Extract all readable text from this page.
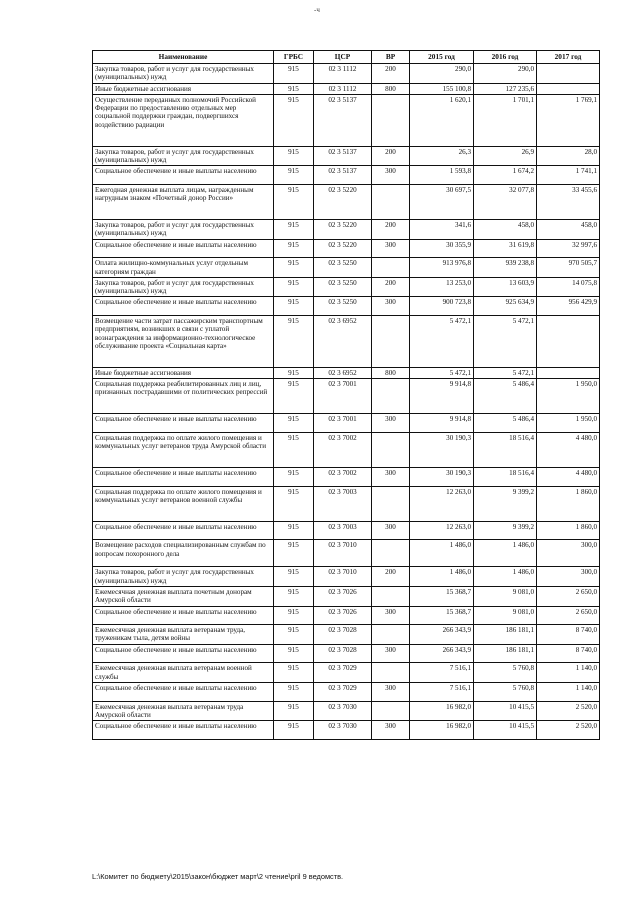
-ч
Наименование	ГРБС	ЦСР	ВР	2015 год	2016 год	2017 год
Закупка товаров, работ и услуг для государственных (муниципальных) нужд	915	02 3 1112	200	290,0	290,0	
Иные бюджетные ассигнования	915	02 3 1112	800	155 100,8	127 235,6	
Осуществление переданных полномочий Российской Федерации по предоставлению отдельных мер социальной поддержки граждан, подвергшихся воздействию радиации	915	02 3 5137		1 620,1	1 701,1	1 769,1
Закупка товаров, работ и услуг для государственных (муниципальных) нужд	915	02 3 5137	200	26,3	26,9	28,0
Социальное обеспечение и иные выплаты населению	915	02 3 5137	300	1 593,8	1 674,2	1 741,1
Ежегодная денежная выплата лицам, награжденным нагрудным знаком «Почетный донор России»	915	02 3 5220		30 697,5	32 077,8	33 455,6
Закупка товаров, работ и услуг для государственных (муниципальных) нужд	915	02 3 5220	200	341,6	458,0	458,0
Социальное обеспечение и иные выплаты населению	915	02 3 5220	300	30 355,9	31 619,8	32 997,6
Оплата жилищно-коммунальных услуг отдельным категориям граждан	915	02 3 5250		913 976,8	939 238,8	970 505,7
Закупка товаров, работ и услуг для государственных (муниципальных) нужд	915	02 3 5250	200	13 253,0	13 603,9	14 075,8
Социальное обеспечение и иные выплаты населению	915	02 3 5250	300	900 723,8	925 634,9	956 429,9
Возмещение части затрат пассажирским транспортным предприятиям, возникших в связи с уплатой вознаграждения за информационно-технологическое обслуживание проекта «Социальная карта»	915	02 3 6952		5 472,1	5 472,1	
Иные бюджетные ассигнования	915	02 3 6952	800	5 472,1	5 472,1	
Социальная поддержка реабилитированных лиц и лиц, признанных пострадавшими от политических репрессий	915	02 3 7001		9 914,8	5 486,4	1 950,0
Социальное обеспечение и иные выплаты населению	915	02 3 7001	300	9 914,8	5 486,4	1 950,0
Социальная поддержка по оплате жилого помещения и коммунальных услуг ветеранов труда Амурской области	915	02 3 7002		30 190,3	18 516,4	4 480,0
Социальное обеспечение и иные выплаты населению	915	02 3 7002	300	30 190,3	18 516,4	4 480,0
Социальная поддержка по оплате жилого помещения и коммунальных услуг ветеранов военной службы	915	02 3 7003		12 263,0	9 399,2	1 860,0
Социальное обеспечение и иные выплаты населению	915	02 3 7003	300	12 263,0	9 399,2	1 860,0
Возмещение расходов специализированным службам по вопросам похоронного дела	915	02 3 7010		1 486,0	1 486,0	300,0
Закупка товаров, работ и услуг для государственных (муниципальных) нужд	915	02 3 7010	200	1 486,0	1 486,0	300,0
Ежемесячная денежная выплата почетным донорам Амурской области	915	02 3 7026		15 368,7	9 081,0	2 650,0
Социальное обеспечение и иные выплаты населению	915	02 3 7026	300	15 368,7	9 081,0	2 650,0
Ежемесячная денежная выплата ветеранам труда, труженикам тыла, детям войны	915	02 3 7028		266 343,9	186 181,1	8 740,0
Социальное обеспечение и иные выплаты населению	915	02 3 7028	300	266 343,9	186 181,1	8 740,0
Ежемесячная денежная выплата ветеранам военной службы	915	02 3 7029		7 516,1	5 760,8	1 140,0
Социальное обеспечение и иные выплаты населению	915	02 3 7029	300	7 516,1	5 760,8	1 140,0
Ежемесячная денежная выплата ветеранам труда Амурской области	915	02 3 7030		16 982,0	10 415,5	2 520,0
Социальное обеспечение и иные выплаты населению	915	02 3 7030	300	16 982,0	10 415,5	2 520,0
L:\Комитет по бюджету\2015\закон\бюджет март\2 чтение\pril 9 ведомств.
